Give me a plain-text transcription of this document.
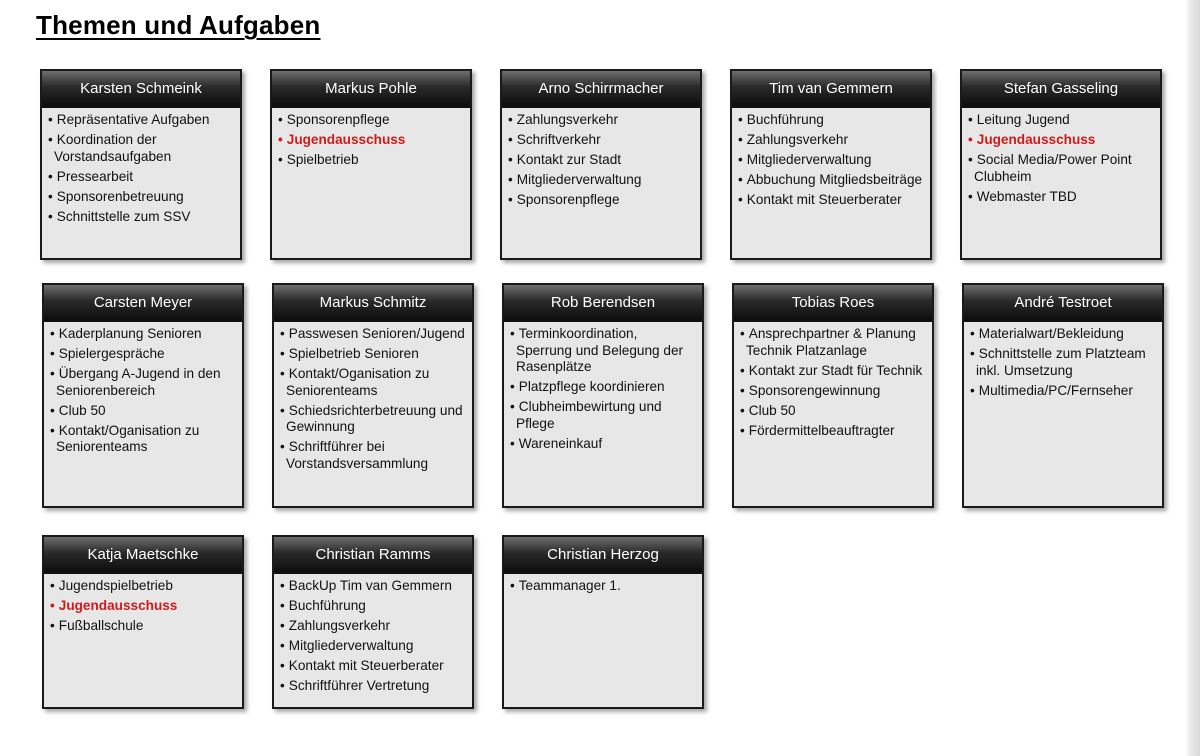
Themen und Aufgaben
Karsten Schmeink
• Repräsentative Aufgaben
• Koordination der Vorstandsaufgaben
• Pressearbeit
• Sponsorenbetreuung
• Schnittstelle zum SSV
Markus Pohle
• Sponsorenpflege
• Jugendausschuss
• Spielbetrieb
Arno Schirrmacher
• Zahlungsverkehr
• Schriftverkehr
• Kontakt zur Stadt
• Mitgliederverwaltung
• Sponsorenpflege
Tim van Gemmern
• Buchführung
• Zahlungsverkehr
• Mitgliederverwaltung
• Abbuchung Mitgliedsbeiträge
• Kontakt mit Steuerberater
Stefan Gasseling
• Leitung Jugend
• Jugendausschuss
• Social Media/Power Point Clubheim
• Webmaster TBD
Carsten Meyer
• Kaderplanung Senioren
• Spielergespräche
• Übergang A-Jugend in den Seniorenbereich
• Club 50
• Kontakt/Oganisation zu Seniorenteams
Markus Schmitz
• Passwesen Senioren/Jugend
• Spielbetrieb Senioren
• Kontakt/Oganisation zu Seniorenteams
• Schiedsrichterbetreuung und Gewinnung
• Schriftführer bei Vorstandsversammlung
Rob Berendsen
• Terminkoordination, Sperrung und Belegung der Rasenplätze
• Platzpflege koordinieren
• Clubheimbewirtung und Pflege
• Wareneinkauf
Tobias Roes
• Ansprechpartner & Planung Technik Platzanlage
• Kontakt zur Stadt für Technik
• Sponsorengewinnung
• Club 50
• Fördermittelbeauftragter
André Testroet
• Materialwart/Bekleidung
• Schnittstelle zum Platzteam inkl. Umsetzung
• Multimedia/PC/Fernseher
Katja Maetschke
• Jugendspielbetrieb
• Jugendausschuss
• Fußballschule
Christian Ramms
• BackUp Tim van Gemmern
• Buchführung
• Zahlungsverkehr
• Mitgliederverwaltung
• Kontakt mit Steuerberater
• Schriftführer Vertretung
Christian Herzog
• Teammanager 1.
